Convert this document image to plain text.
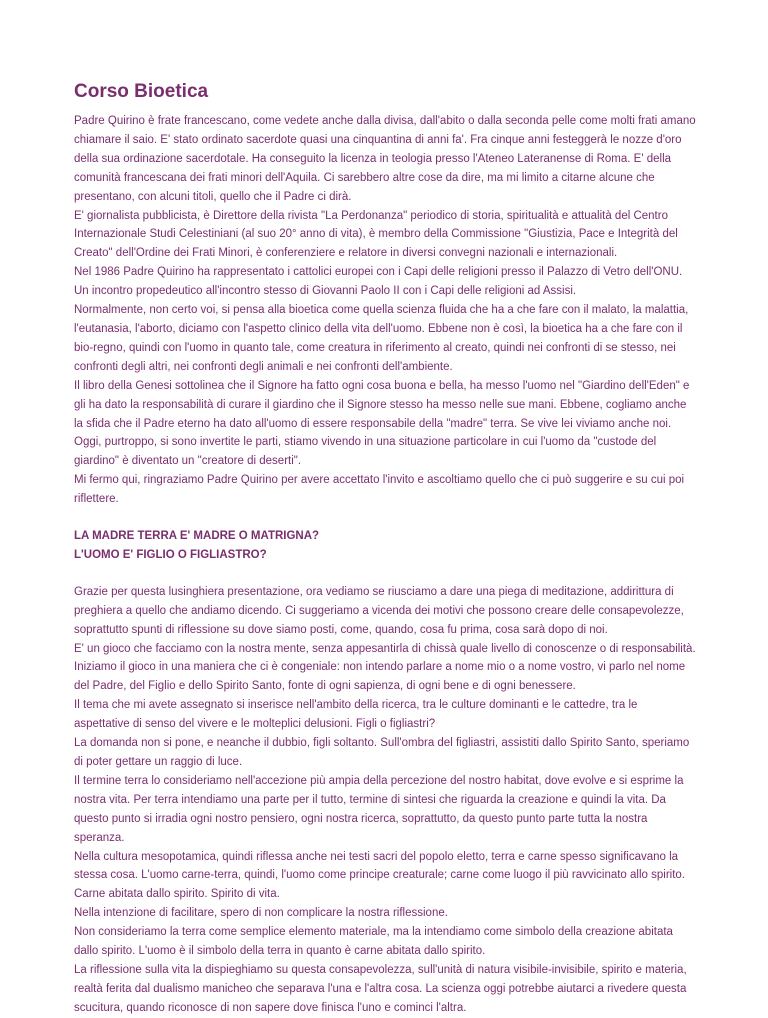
Corso Bioetica

Padre Quirino è frate francescano, come vedete anche dalla divisa, dall'abito o dalla seconda pelle come molti frati amano chiamare il saio. E' stato ordinato sacerdote quasi una cinquantina di anni fa'. Fra cinque anni festeggerà le nozze d'oro della sua ordinazione sacerdotale. Ha conseguito la licenza in teologia presso l'Ateneo Lateranense di Roma. E' della comunità francescana dei frati minori dell'Aquila. Ci sarebbero altre cose da dire, ma mi limito a citarne alcune che presentano, con alcuni titoli, quello che il Padre ci dirà.

E' giornalista pubblicista, è Direttore della rivista "La Perdonanza" periodico di storia, spiritualità e attualità del Centro Internazionale Studi Celestiniani (al suo 20° anno di vita), è membro della Commissione "Giustizia, Pace e Integrità del Creato" dell'Ordine dei Frati Minori, è conferenziere e relatore in diversi convegni nazionali e internazionali.

Nel 1986 Padre Quirino ha rappresentato i cattolici europei con i Capi delle religioni presso il Palazzo di Vetro dell'ONU. Un incontro propedeutico all'incontro stesso di Giovanni Paolo II con i Capi delle religioni ad Assisi.

Normalmente, non certo voi, si pensa alla bioetica come quella scienza fluida che ha a che fare con il malato, la malattia, l'eutanasia, l'aborto, diciamo con l'aspetto clinico della vita dell'uomo. Ebbene non è così, la bioetica ha a che fare con il bio-regno, quindi con l'uomo in quanto tale, come creatura in riferimento al creato, quindi nei confronti di se stesso, nei confronti degli altri, nei confronti degli animali e nei confronti dell'ambiente.

Il libro della Genesi sottolinea che il Signore ha fatto ogni cosa buona e bella, ha messo l'uomo nel "Giardino dell'Eden" e gli ha dato la responsabilità di curare il giardino che il Signore stesso ha messo nelle sue mani. Ebbene, cogliamo anche la sfida che il Padre eterno ha dato all'uomo di essere responsabile della "madre" terra. Se vive lei viviamo anche noi. Oggi, purtroppo, si sono invertite le parti, stiamo vivendo in una situazione particolare in cui l'uomo da "custode del giardino" è diventato un "creatore di deserti".

Mi fermo qui, ringraziamo Padre Quirino per avere accettato l'invito e ascoltiamo quello che ci può suggerire e su cui poi riflettere.

LA MADRE TERRA E' MADRE O MATRIGNA?

L'UOMO E' FIGLIO O FIGLIASTRO?

Grazie per questa lusinghiera presentazione, ora vediamo se riusciamo a dare una piega di meditazione, addirittura di preghiera a quello che andiamo dicendo. Ci suggeriamo a vicenda dei motivi che possono creare delle consapevolezze, soprattutto spunti di riflessione su dove siamo posti, come, quando, cosa fu prima, cosa sarà dopo di noi.

E' un gioco che facciamo con la nostra mente, senza appesantirla di chissà quale livello di conoscenze o di responsabilità. Iniziamo il gioco in una maniera che ci è congeniale: non intendo parlare a nome mio o a nome vostro, vi parlo nel nome del Padre, del Figlio e dello Spirito Santo, fonte di ogni sapienza, di ogni bene e di ogni benessere.

Il tema che mi avete assegnato si inserisce nell'ambito della ricerca, tra le culture dominanti e le cattedre, tra le aspettative di senso del vivere e le molteplici delusioni. Figli o figliastri?

La domanda non si pone, e neanche il dubbio, figli soltanto. Sull'ombra del figliastri, assistiti dallo Spirito Santo, speriamo di poter gettare un raggio di luce.

Il termine terra lo consideriamo nell'accezione più ampia della percezione del nostro habitat, dove evolve e si esprime la nostra vita. Per terra intendiamo una parte per il tutto, termine di sintesi che riguarda la creazione e quindi la vita. Da questo punto si irradia ogni nostro pensiero, ogni nostra ricerca, soprattutto, da questo punto parte tutta la nostra speranza.

Nella cultura mesopotamica, quindi riflessa anche nei testi sacri del popolo eletto, terra e carne spesso significavano la stessa cosa. L'uomo carne-terra, quindi, l'uomo come principe creaturale; carne come luogo il più ravvicinato allo spirito. Carne abitata dallo spirito. Spirito di vita.

Nella intenzione di facilitare, spero di non complicare la nostra riflessione.

Non consideriamo la terra come semplice elemento materiale, ma la intendiamo come simbolo della creazione abitata dallo spirito. L'uomo è il simbolo della terra in quanto è carne abitata dallo spirito.

La riflessione sulla vita la dispieghiamo su questa consapevolezza, sull'unità di natura visibile-invisibile, spirito e materia, realtà ferita dal dualismo manicheo che separava l'una e l'altra cosa. La scienza oggi potrebbe aiutarci a rivedere questa scucitura, quando riconosce di non sapere dove finisca l'uno e cominci l'altra.
